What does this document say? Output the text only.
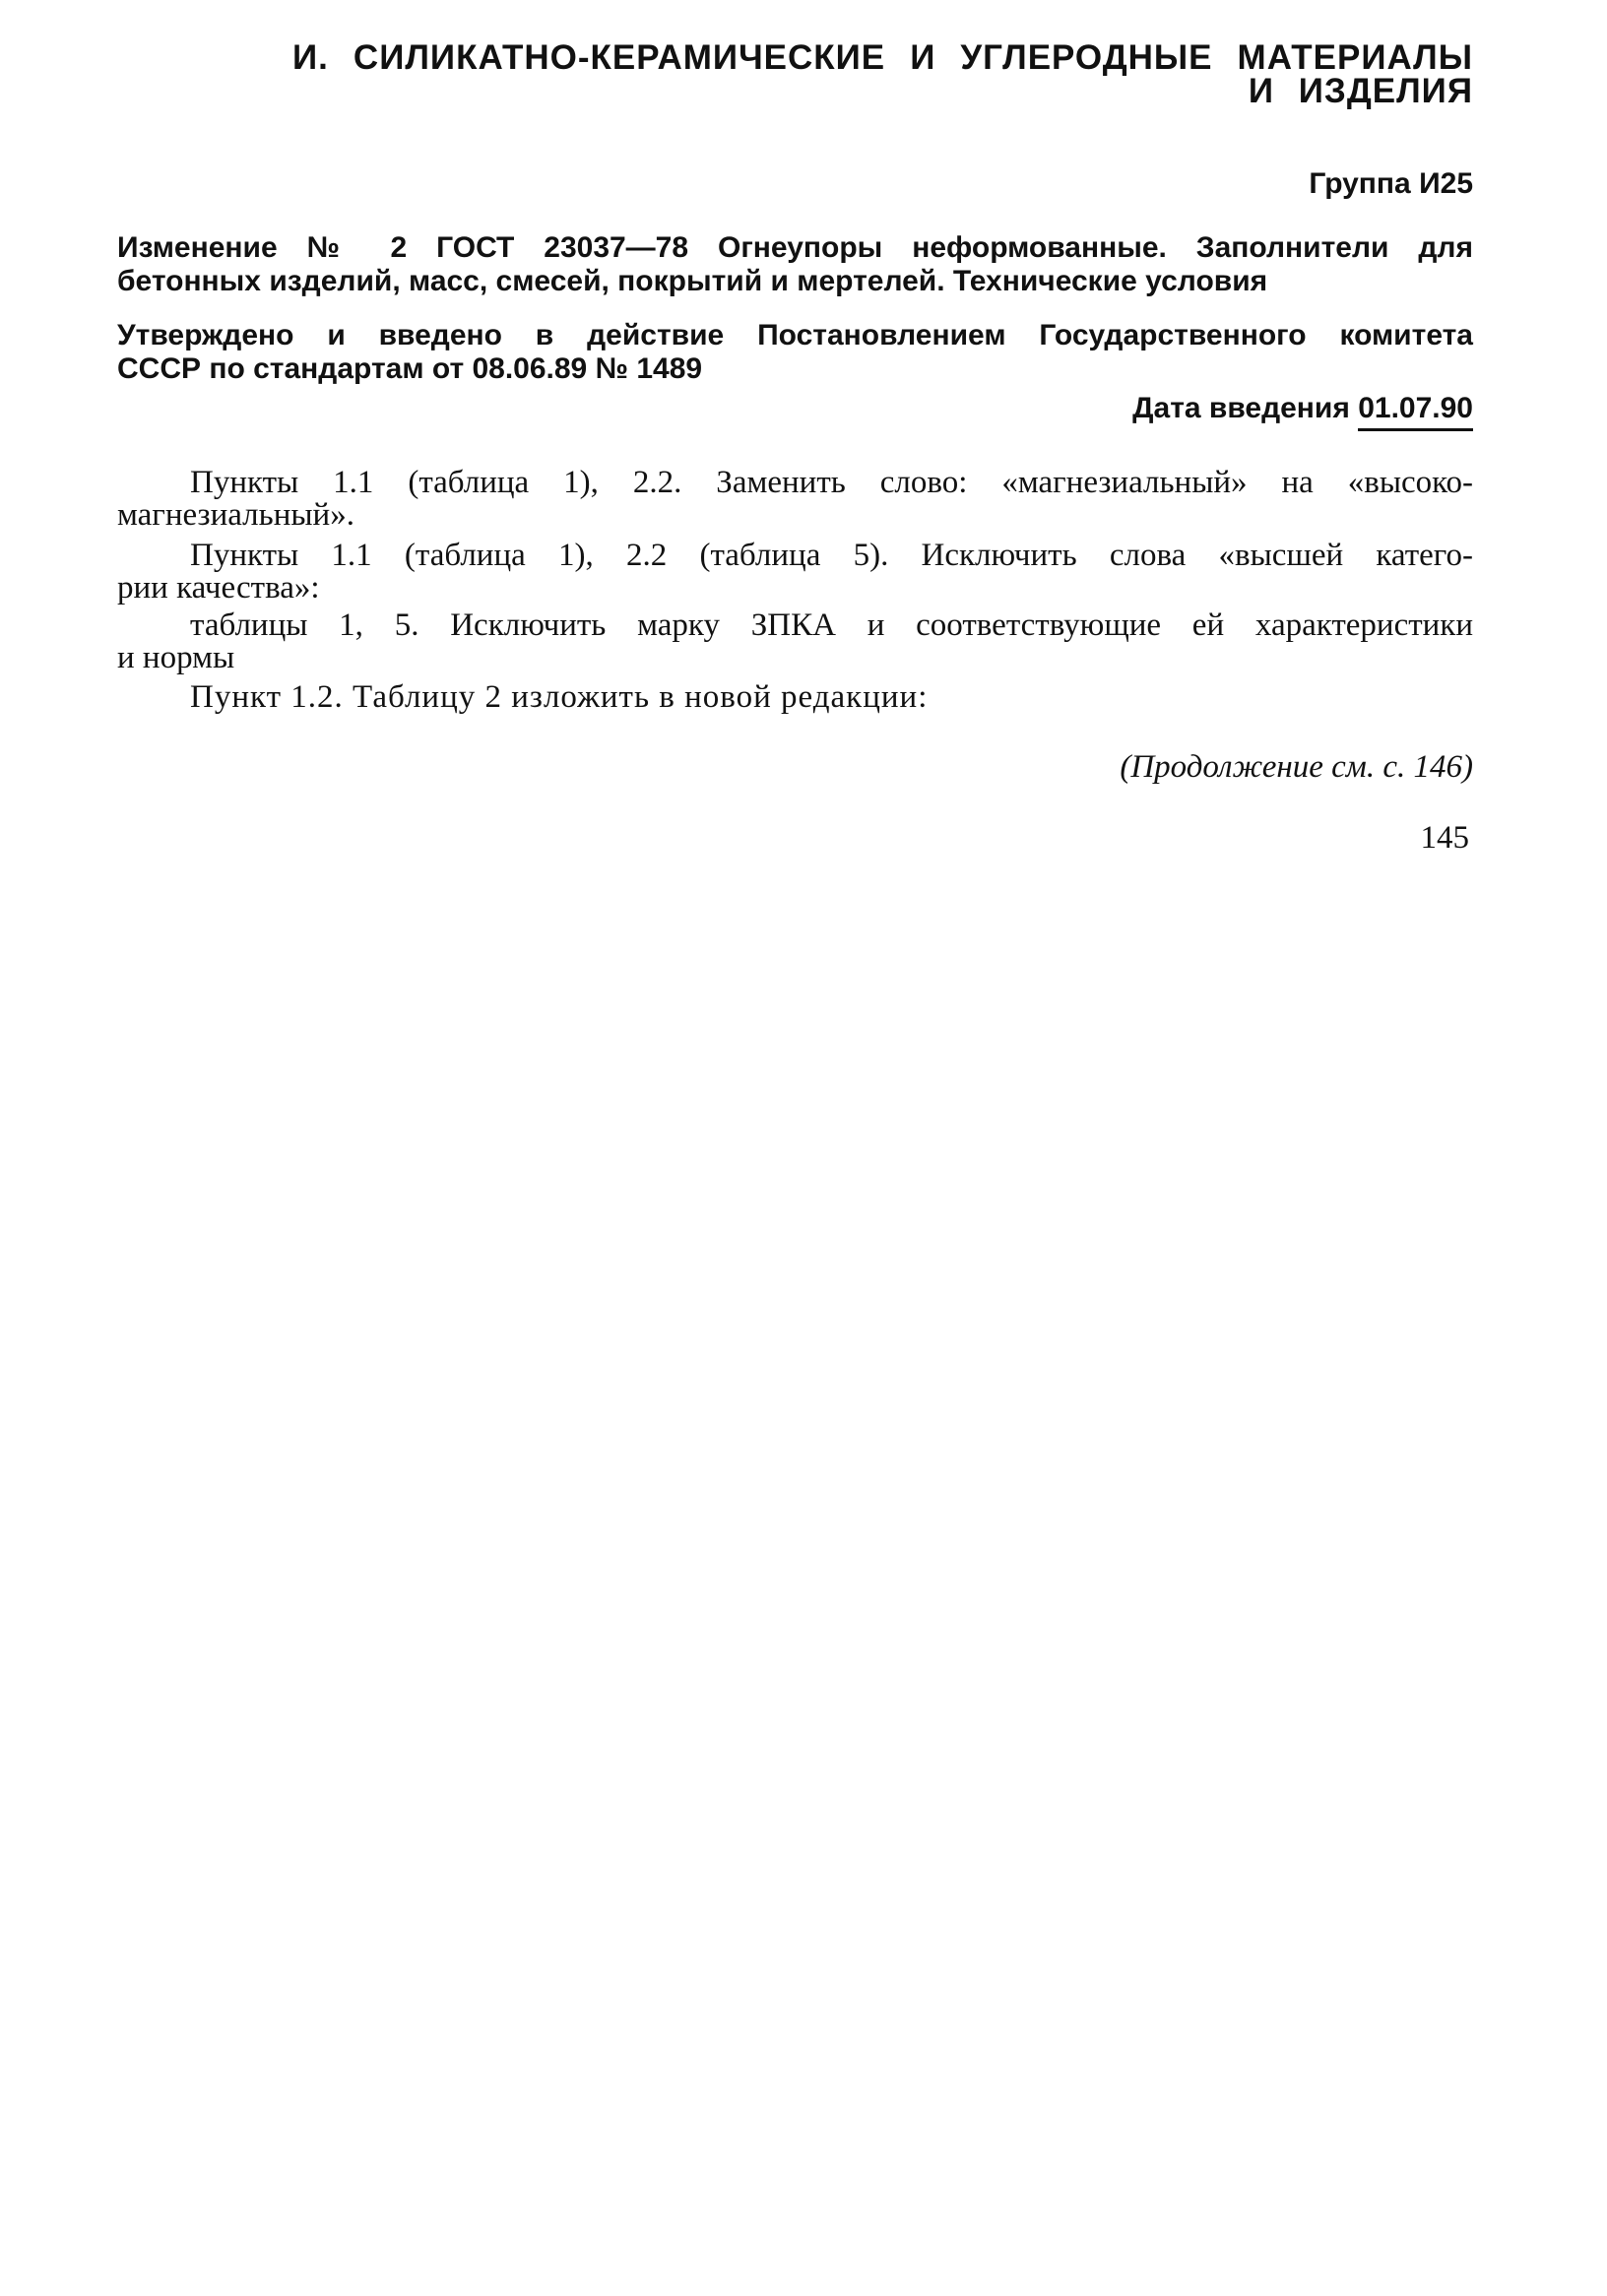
И. СИЛИКАТНО-КЕРАМИЧЕСКИЕ И УГЛЕРОДНЫЕ МАТЕРИАЛЫ
И ИЗДЕЛИЯ
Группа И25
Изменение № 2 ГОСТ 23037—78 Огнеупоры неформованные. Заполнители для
бетонных изделий, масс, смесей, покрытий и мертелей. Технические условия
Утверждено и введено в действие Постановлением Государственного комитета
СССР по стандартам от 08.06.89 № 1489
Дата введения 01.07.90
Пункты 1.1 (таблица 1), 2.2. Заменить слово: «магнезиальный» на «высоко-
магнезиальный».
Пункты 1.1 (таблица 1), 2.2 (таблица 5). Исключить слова «высшей катего-
рии качества»:
таблицы 1, 5. Исключить марку ЗПКА и соответствующие ей характеристики
и нормы
Пункт 1.2. Таблицу 2 изложить в новой редакции:
(Продолжение см. с. 146)
145
